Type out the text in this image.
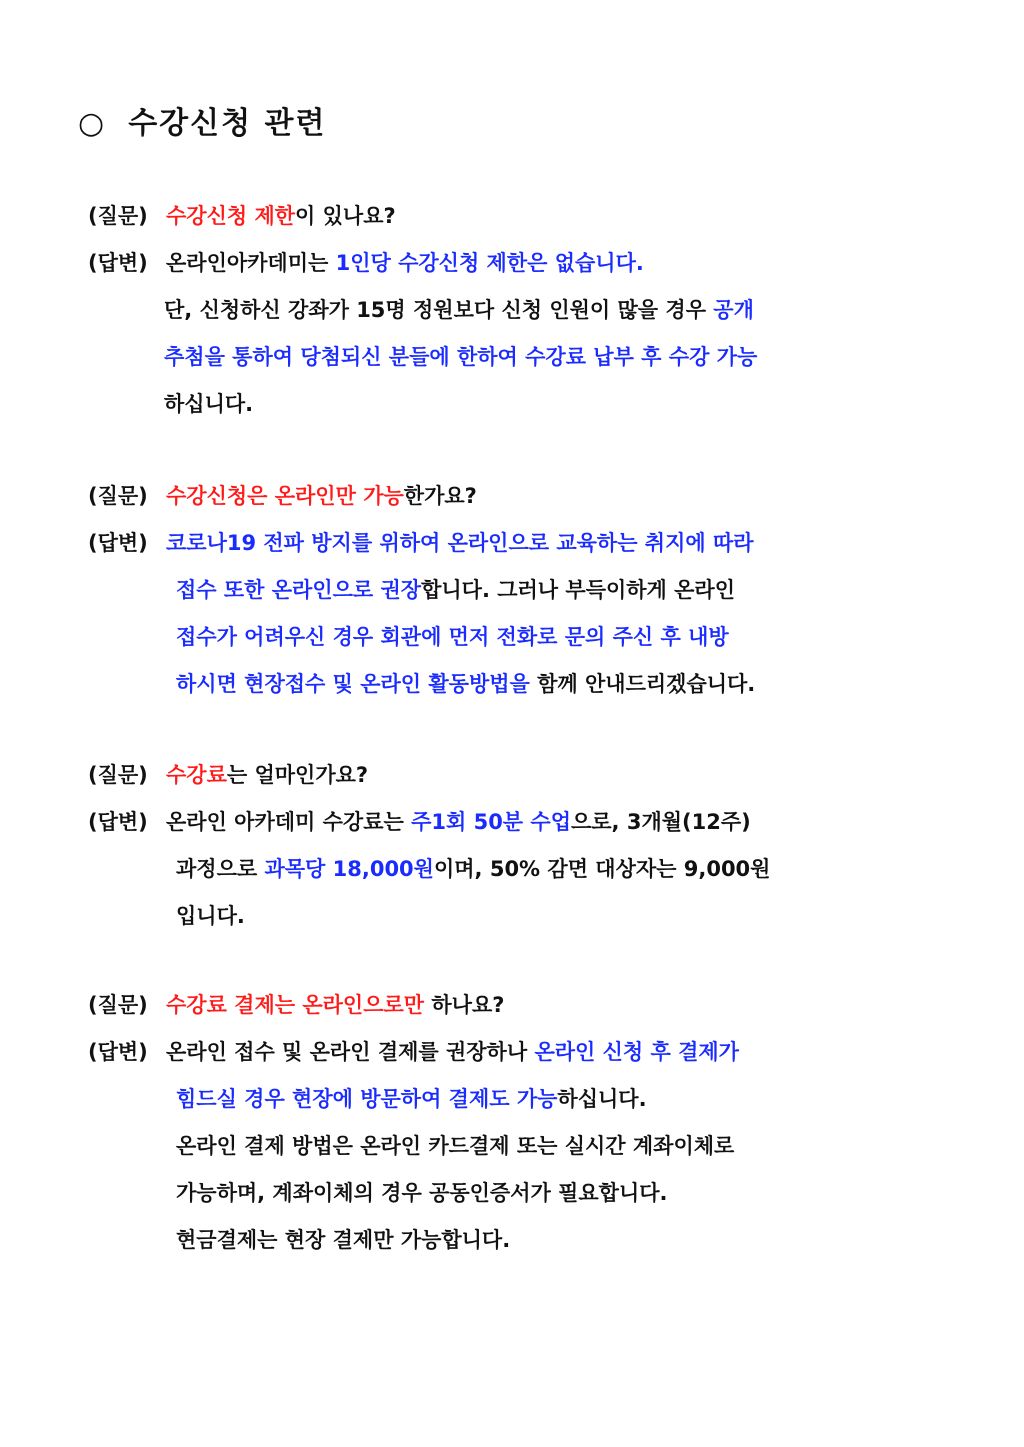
○ 수강신청 관련
(질문) 수강신청 제한이 있나요?
(답변) 온라인아카데미는 1인당 수강신청 제한은 없습니다.
단, 신청하신 강좌가 15명 정원보다 신청 인원이 많을 경우 공개
추첨을 통하여 당첨되신 분들에 한하여 수강료 납부 후 수강 가능
하십니다.
(질문) 수강신청은 온라인만 가능한가요?
(답변) 코로나19 전파 방지를 위하여 온라인으로 교육하는 취지에 따라
접수 또한 온라인으로 권장합니다. 그러나 부득이하게 온라인
접수가 어려우신 경우 회관에 먼저 전화로 문의 주신 후 내방
하시면 현장접수 및 온라인 활동방법을 함께 안내드리겠습니다.
(질문) 수강료는 얼마인가요?
(답변) 온라인 아카데미 수강료는 주1회 50분 수업으로, 3개월(12주)
과정으로 과목당 18,000원이며, 50% 감면 대상자는 9,000원
입니다.
(질문) 수강료 결제는 온라인으로만 하나요?
(답변) 온라인 접수 및 온라인 결제를 권장하나 온라인 신청 후 결제가
힘드실 경우 현장에 방문하여 결제도 가능하십니다.
온라인 결제 방법은 온라인 카드결제 또는 실시간 계좌이체로
가능하며, 계좌이체의 경우 공동인증서가 필요합니다.
현금결제는 현장 결제만 가능합니다.
